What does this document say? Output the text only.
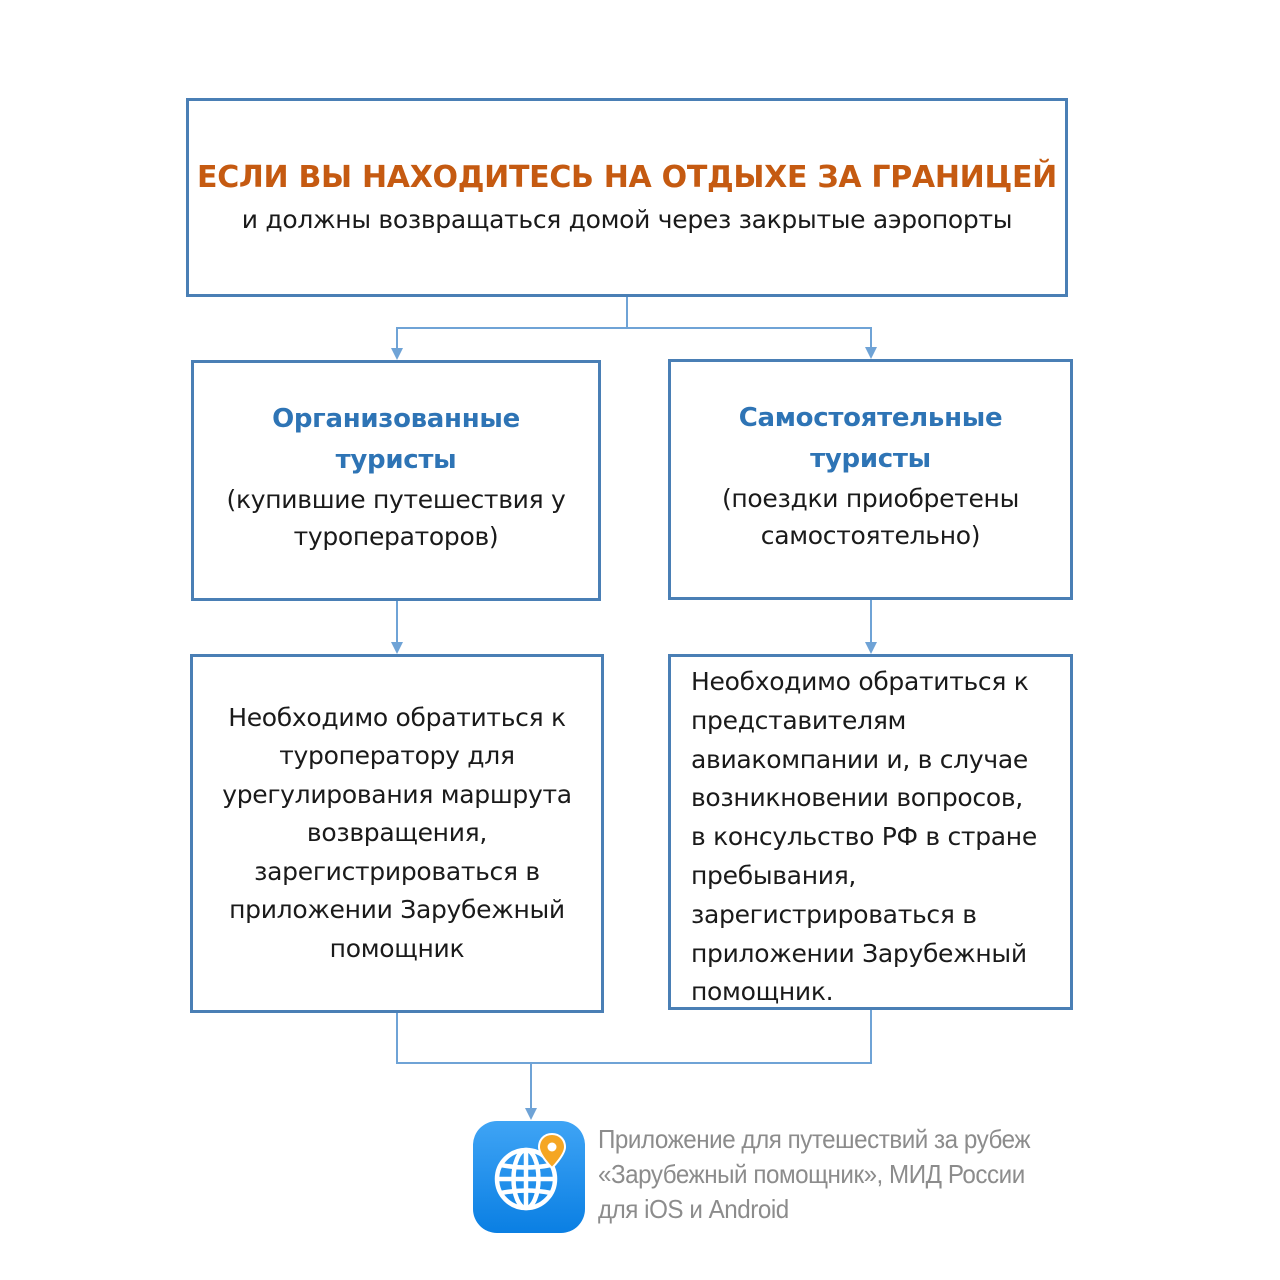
ЕСЛИ ВЫ НАХОДИТЕСЬ НА ОТДЫХЕ ЗА ГРАНИЦЕЙ
и должны возвращаться домой через закрытые аэропорты
Организованные
туристы
(купившие путешествия у
туроператоров)
Самостоятельные
туристы
(поездки приобретены
самостоятельно)
Необходимо обратиться к
туроператору для
урегулирования маршрута
возвращения,
зарегистрироваться в
приложении Зарубежный
помощник
Необходимо обратиться к
представителям
авиакомпании и, в случае
возникновении вопросов,
в консульство РФ в стране
пребывания,
зарегистрироваться в
приложении Зарубежный
помощник.
Приложение для путешествий за рубеж
«Зарубежный помощник», МИД России
для iOS и Android
